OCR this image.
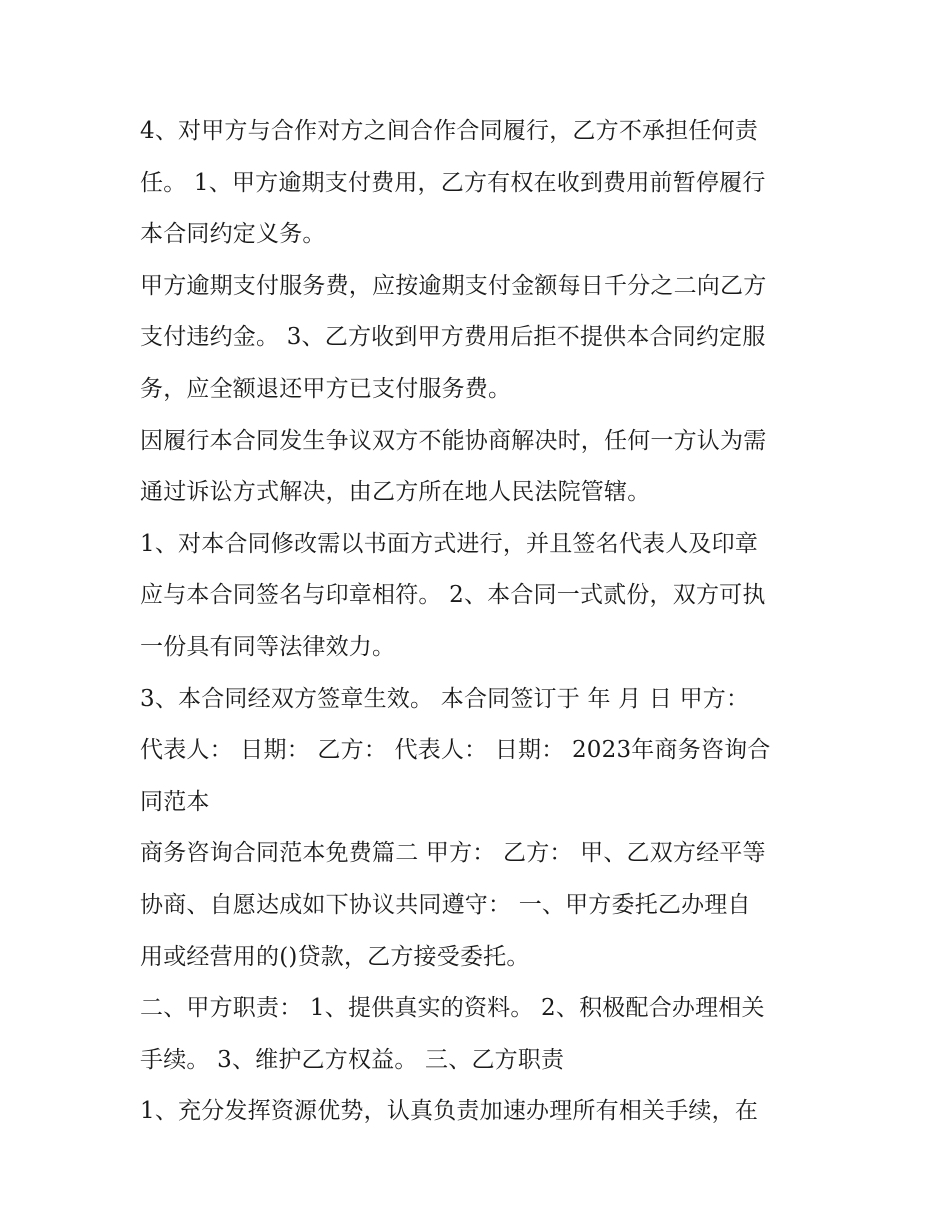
4、对甲方与合作对方之间合作合同履行，乙方不承担任何责
任。 1、甲方逾期支付费用，乙方有权在收到费用前暂停履行
本合同约定义务。
甲方逾期支付服务费，应按逾期支付金额每日千分之二向乙方
支付违约金。 3、乙方收到甲方费用后拒不提供本合同约定服
务，应全额退还甲方已支付服务费。
因履行本合同发生争议双方不能协商解决时，任何一方认为需
通过诉讼方式解决，由乙方所在地人民法院管辖。
1、对本合同修改需以书面方式进行，并且签名代表人及印章
应与本合同签名与印章相符。 2、本合同一式贰份，双方可执
一份具有同等法律效力。
3、本合同经双方签章生效。 本合同签订于 年 月 日 甲方：
代表人： 日期： 乙方： 代表人： 日期： 2023年商务咨询合
同范本
商务咨询合同范本免费篇二 甲方： 乙方： 甲、乙双方经平等
协商、自愿达成如下协议共同遵守： 一、甲方委托乙办理自
用或经营用的()贷款，乙方接受委托。
二、甲方职责： 1、提供真实的资料。 2、积极配合办理相关
手续。 3、维护乙方权益。 三、乙方职责
1、充分发挥资源优势，认真负责加速办理所有相关手续，在
